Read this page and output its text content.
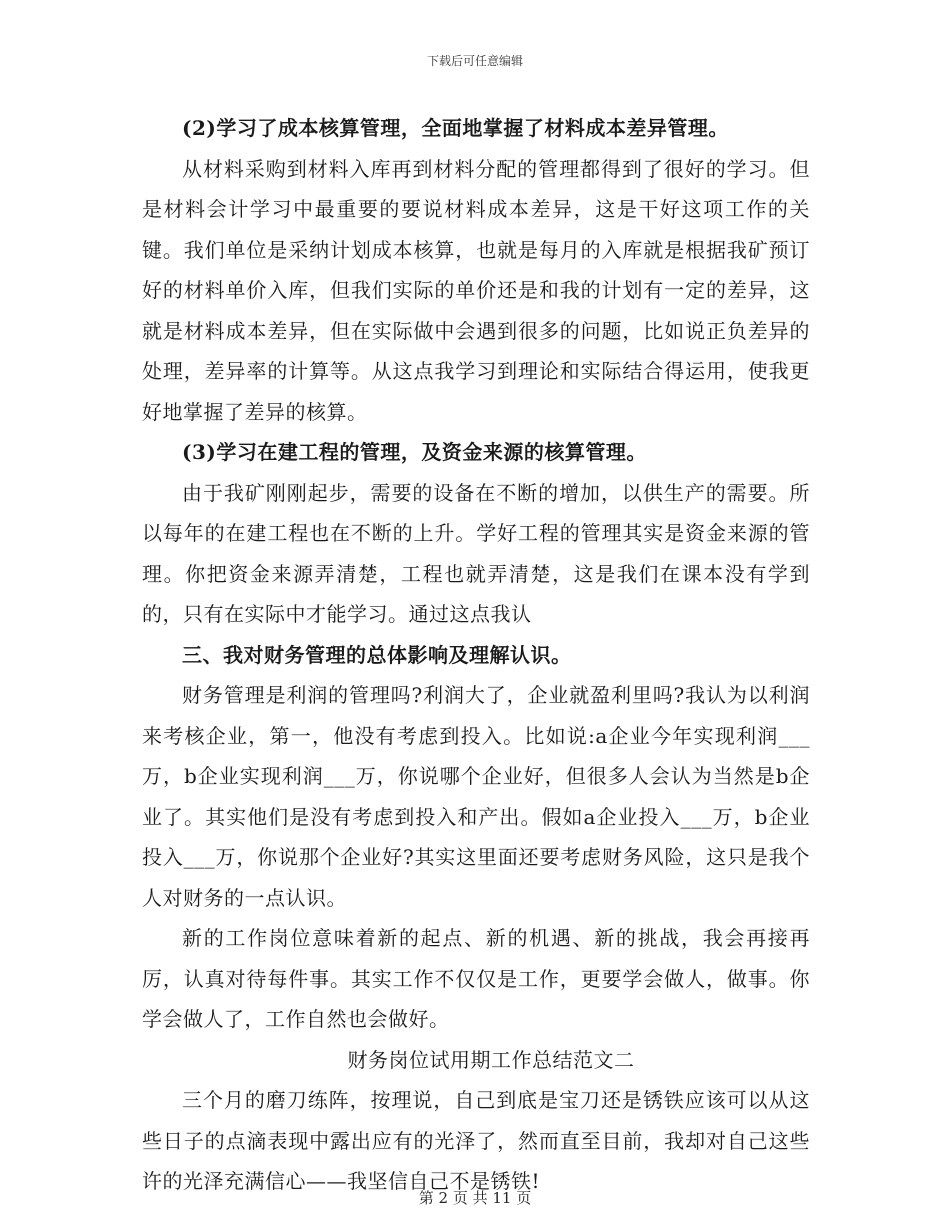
下载后可任意编辑

(2)学习了成本核算管理，全面地掌握了材料成本差异管理。

从材料采购到材料入库再到材料分配的管理都得到了很好的学习。但是材料会计学习中最重要的要说材料成本差异，这是干好这项工作的关键。我们单位是采纳计划成本核算，也就是每月的入库就是根据我矿预订好的材料单价入库，但我们实际的单价还是和我的计划有一定的差异，这就是材料成本差异，但在实际做中会遇到很多的问题，比如说正负差异的处理，差异率的计算等。从这点我学习到理论和实际结合得运用，使我更好地掌握了差异的核算。

(3)学习在建工程的管理，及资金来源的核算管理。

由于我矿刚刚起步，需要的设备在不断的增加，以供生产的需要。所以每年的在建工程也在不断的上升。学好工程的管理其实是资金来源的管理。你把资金来源弄清楚，工程也就弄清楚，这是我们在课本没有学到的，只有在实际中才能学习。通过这点我认

三、我对财务管理的总体影响及理解认识。

财务管理是利润的管理吗?利润大了，企业就盈利里吗?我认为以利润来考核企业，第一，他没有考虑到投入。比如说:a企业今年实现利润___万，b企业实现利润___万，你说哪个企业好，但很多人会认为当然是b企业了。其实他们是没有考虑到投入和产出。假如a企业投入___万，b企业投入___万，你说那个企业好?其实这里面还要考虑财务风险，这只是我个人对财务的一点认识。

新的工作岗位意味着新的起点、新的机遇、新的挑战，我会再接再厉，认真对待每件事。其实工作不仅仅是工作，更要学会做人，做事。你学会做人了，工作自然也会做好。

财务岗位试用期工作总结范文二

三个月的磨刀练阵，按理说，自己到底是宝刀还是锈铁应该可以从这些日子的点滴表现中露出应有的光泽了，然而直至目前，我却对自己这些许的光泽充满信心——我坚信自己不是锈铁!

第 2 页 共 11 页
